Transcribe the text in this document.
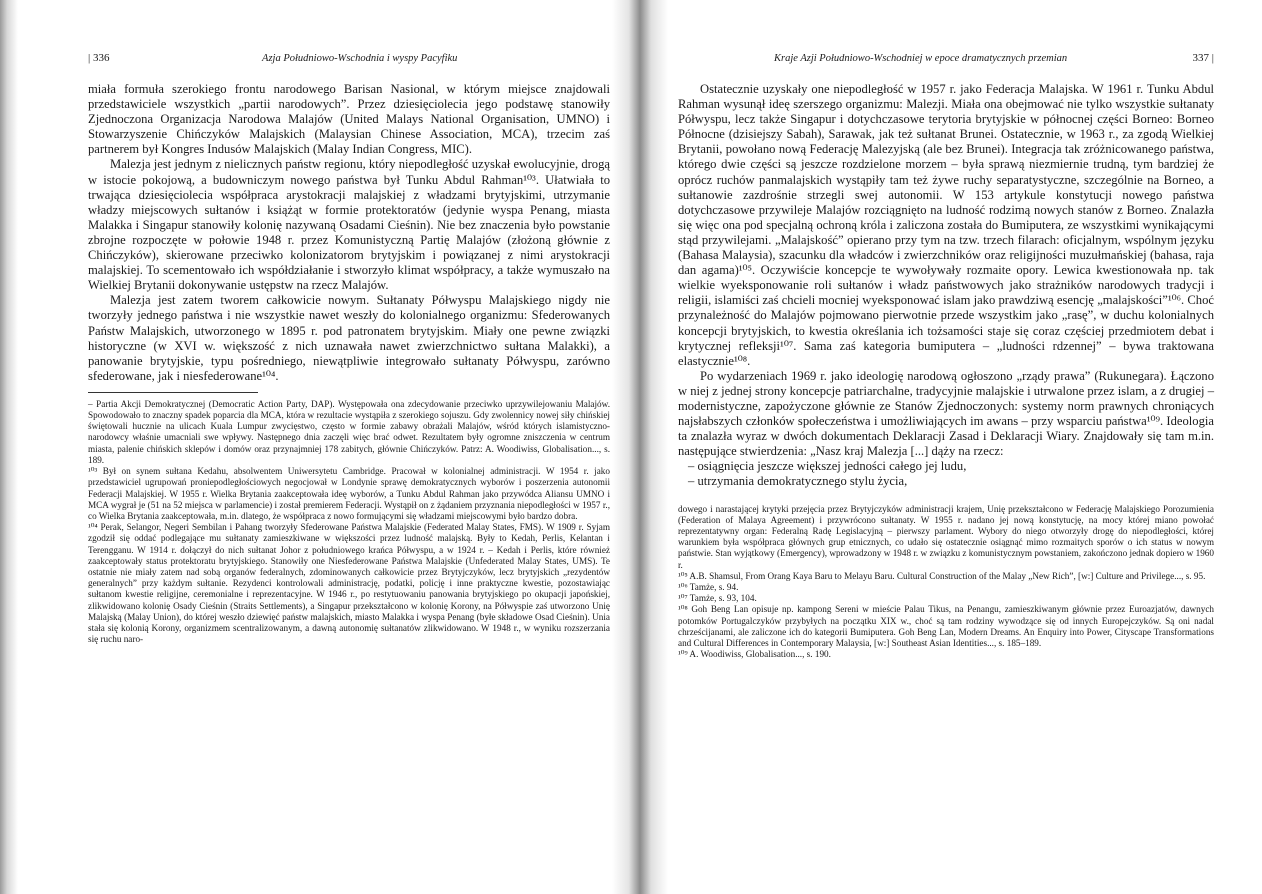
| 336	Azja Południowo-Wschodnia i wyspy Pacyfiku

miała formuła szerokiego frontu narodowego Barisan Nasional, w którym miejsce znajdowali przedstawiciele wszystkich „partii narodowych”. Przez dziesięciolecia jego podstawę stanowiły Zjednoczona Organizacja Narodowa Malajów (United Malays National Organisation, UMNO) i Stowarzyszenie Chińczyków Malajskich (Malaysian Chinese Association, MCA), trzecim zaś partnerem był Kongres Indusów Malajskich (Malay Indian Congress, MIC).

Malezja jest jednym z nielicznych państw regionu, który niepodległość uzyskał ewolucyjnie, drogą w istocie pokojową, a budowniczym nowego państwa był Tunku Abdul Rahman¹⁰³. Ułatwiała to trwająca dziesięciolecia współpraca arystokracji malajskiej z władzami brytyjskimi, utrzymanie władzy miejscowych sułtanów i książąt w formie protektoratów (jedynie wyspa Penang, miasta Malakka i Singapur stanowiły kolonię nazywaną Osadami Cieśnin). Nie bez znaczenia było powstanie zbrojne rozpoczęte w połowie 1948 r. przez Komunistyczną Partię Malajów (złożoną głównie z Chińczyków), skierowane przeciwko kolonizatorom brytyjskim i powiązanej z nimi arystokracji malajskiej. To scementowało ich współdziałanie i stworzyło klimat współpracy, a także wymuszało na Wielkiej Brytanii dokonywanie ustępstw na rzecz Malajów.

Malezja jest zatem tworem całkowicie nowym. Sułtanaty Półwyspu Malajskiego nigdy nie tworzyły jednego państwa i nie wszystkie nawet weszły do kolonialnego organizmu: Sfederowanych Państw Malajskich, utworzonego w 1895 r. pod patronatem brytyjskim. Miały one pewne związki historyczne (w XVI w. większość z nich uznawała nawet zwierzchnictwo sułtana Malakki), a panowanie brytyjskie, typu pośredniego, niewątpliwie integrowało sułtanaty Półwyspu, zarówno sfederowane, jak i niesfederowane¹⁰⁴.

– Partia Akcji Demokratycznej (Democratic Action Party, DAP). Występowała ona zdecydowanie przeciwko uprzywilejowaniu Malajów. Spowodowało to znaczny spadek poparcia dla MCA, która w rezultacie wystąpiła z szerokiego sojuszu. Gdy zwolennicy nowej siły chińskiej świętowali hucznie na ulicach Kuala Lumpur zwycięstwo, często w formie zabawy obrażali Malajów, wśród których islamistyczno-narodowcy właśnie umacniali swe wpływy. Następnego dnia zaczęli więc brać odwet. Rezultatem były ogromne zniszczenia w centrum miasta, palenie chińskich sklepów i domów oraz przynajmniej 178 zabitych, głównie Chińczyków. Patrz: A. Woodiwiss, Globalisation..., s. 189.

¹⁰³ Był on synem sułtana Kedahu, absolwentem Uniwersytetu Cambridge. Pracował w kolonialnej administracji. W 1954 r. jako przedstawiciel ugrupowań proniepodległościowych negocjował w Londynie sprawę demokratycznych wyborów i poszerzenia autonomii Federacji Malajskiej. W 1955 r. Wielka Brytania zaakceptowała ideę wyborów, a Tunku Abdul Rahman jako przywódca Aliansu UMNO i MCA wygrał je (51 na 52 miejsca w parlamencie) i został premierem Federacji. Wystąpił on z żądaniem przyznania niepodległości w 1957 r., co Wielka Brytania zaakceptowała, m.in. dlatego, że współpraca z nowo formującymi się władzami miejscowymi było bardzo dobra.

¹⁰⁴ Perak, Selangor, Negeri Sembilan i Pahang tworzyły Sfederowane Państwa Malajskie (Federated Malay States, FMS). W 1909 r. Syjam zgodził się oddać podlegające mu sułtanaty zamieszkiwane w większości przez ludność malajską. Były to Kedah, Perlis, Kelantan i Terengganu. W 1914 r. dołączył do nich sułtanat Johor z południowego krańca Półwyspu, a w 1924 r. – Kedah i Perlis, które również zaakceptowały status protektoratu brytyjskiego. Stanowiły one Niesfederowane Państwa Malajskie (Unfederated Malay States, UMS). Te ostatnie nie miały zatem nad sobą organów federalnych, zdominowanych całkowicie przez Brytyjczyków, lecz brytyjskich „rezydentów generalnych” przy każdym sułtanie. Rezydenci kontrolowali administrację, podatki, policję i inne praktyczne kwestie, pozostawiając sułtanom kwestie religijne, ceremonialne i reprezentacyjne. W 1946 r., po restytuowaniu panowania brytyjskiego po okupacji japońskiej, zlikwidowano kolonię Osady Cieśnin (Straits Settlements), a Singapur przekształcono w kolonię Korony, na Półwyspie zaś utworzono Unię Malajską (Malay Union), do której weszło dziewięć państw malajskich, miasto Malakka i wyspa Penang (byłe składowe Osad Cieśnin). Unia stała się kolonią Korony, organizmem scentralizowanym, a dawną autonomię sułtanatów zlikwidowano. W 1948 r., w wyniku rozszerzania się ruchu naro-

Kraje Azji Południowo-Wschodniej w epoce dramatycznych przemian	337 |

Ostatecznie uzyskały one niepodległość w 1957 r. jako Federacja Malajska. W 1961 r. Tunku Abdul Rahman wysunął ideę szerszego organizmu: Malezji. Miała ona obejmować nie tylko wszystkie sułtanaty Półwyspu, lecz także Singapur i dotychczasowe terytoria brytyjskie w północnej części Borneo: Borneo Północne (dzisiejszy Sabah), Sarawak, jak też sułtanat Brunei. Ostatecznie, w 1963 r., za zgodą Wielkiej Brytanii, powołano nową Federację Malezyjską (ale bez Brunei). Integracja tak zróżnicowanego państwa, którego dwie części są jeszcze rozdzielone morzem – była sprawą niezmiernie trudną, tym bardziej że oprócz ruchów panmalajskich wystąpiły tam też żywe ruchy separatystyczne, szczególnie na Borneo, a sułtanowie zazdrośnie strzegli swej autonomii. W 153 artykule konstytucji nowego państwa dotychczasowe przywileje Malajów rozciągnięto na ludność rodzimą nowych stanów z Borneo. Znalazła się więc ona pod specjalną ochroną króla i zaliczona została do Bumiputera, ze wszystkimi wynikającymi stąd przywilejami. „Malajskość” opierano przy tym na tzw. trzech filarach: oficjalnym, wspólnym języku (Bahasa Malaysia), szacunku dla władców i zwierzchników oraz religijności muzułmańskiej (bahasa, raja dan agama)¹⁰⁵. Oczywiście koncepcje te wywoływały rozmaite opory. Lewica kwestionowała np. tak wielkie wyeksponowanie roli sułtanów i władz państwowych jako strażników narodowych tradycji i religii, islamiści zaś chcieli mocniej wyeksponować islam jako prawdziwą esencję „malajskości”¹⁰⁶. Choć przynależność do Malajów pojmowano pierwotnie przede wszystkim jako „rasę”, w duchu kolonialnych koncepcji brytyjskich, to kwestia określania ich tożsamości staje się coraz częściej przedmiotem debat i krytycznej refleksji¹⁰⁷. Sama zaś kategoria bumiputera – „ludności rdzennej” – bywa traktowana elastycznie¹⁰⁸.

Po wydarzeniach 1969 r. jako ideologię narodową ogłoszono „rządy prawa” (Rukunegara). Łączono w niej z jednej strony koncepcje patriarchalne, tradycyjnie malajskie i utrwalone przez islam, a z drugiej – modernistyczne, zapożyczone głównie ze Stanów Zjednoczonych: systemy norm prawnych chroniących najsłabszych członków społeczeństwa i umożliwiających im awans – przy wsparciu państwa¹⁰⁹. Ideologia ta znalazła wyraz w dwóch dokumentach Deklaracji Zasad i Deklaracji Wiary. Znajdowały się tam m.in. następujące stwierdzenia: „Nasz kraj Malezja [...] dąży na rzecz:

– osiągnięcia jeszcze większej jedności całego jej ludu,
– utrzymania demokratycznego stylu życia,

dowego i narastającej krytyki przejęcia przez Brytyjczyków administracji krajem, Unię przekształcono w Federację Malajskiego Porozumienia (Federation of Malaya Agreement) i przywrócono sułtanaty. W 1955 r. nadano jej nową konstytucję, na mocy której miano powołać reprezentatywny organ: Federalną Radę Legislacyjną – pierwszy parlament. Wybory do niego otworzyły drogę do niepodległości, której warunkiem była współpraca głównych grup etnicznych, co udało się ostatecznie osiągnąć mimo rozmaitych sporów o ich status w nowym państwie. Stan wyjątkowy (Emergency), wprowadzony w 1948 r. w związku z komunistycznym powstaniem, zakończono jednak dopiero w 1960 r.

¹⁰⁵ A.B. Shamsul, From Orang Kaya Baru to Melayu Baru. Cultural Construction of the Malay „New Rich”, [w:] Culture and Privilege..., s. 95.

¹⁰⁶ Tamże, s. 94.

¹⁰⁷ Tamże, s. 93, 104.

¹⁰⁸ Goh Beng Lan opisuje np. kampong Sereni w mieście Palau Tikus, na Penangu, zamieszkiwanym głównie przez Euroazjatów, dawnych potomków Portugalczyków przybyłych na początku XIX w., choć są tam rodziny wywodzące się od innych Europejczyków. Są oni nadal chrześcijanami, ale zaliczone ich do kategorii Bumiputera. Goh Beng Lan, Modern Dreams. An Enquiry into Power, Cityscape Transformations and Cultural Differences in Contemporary Malaysia, [w:] Southeast Asian Identities..., s. 185–189.

¹⁰⁹ A. Woodiwiss, Globalisation..., s. 190.
